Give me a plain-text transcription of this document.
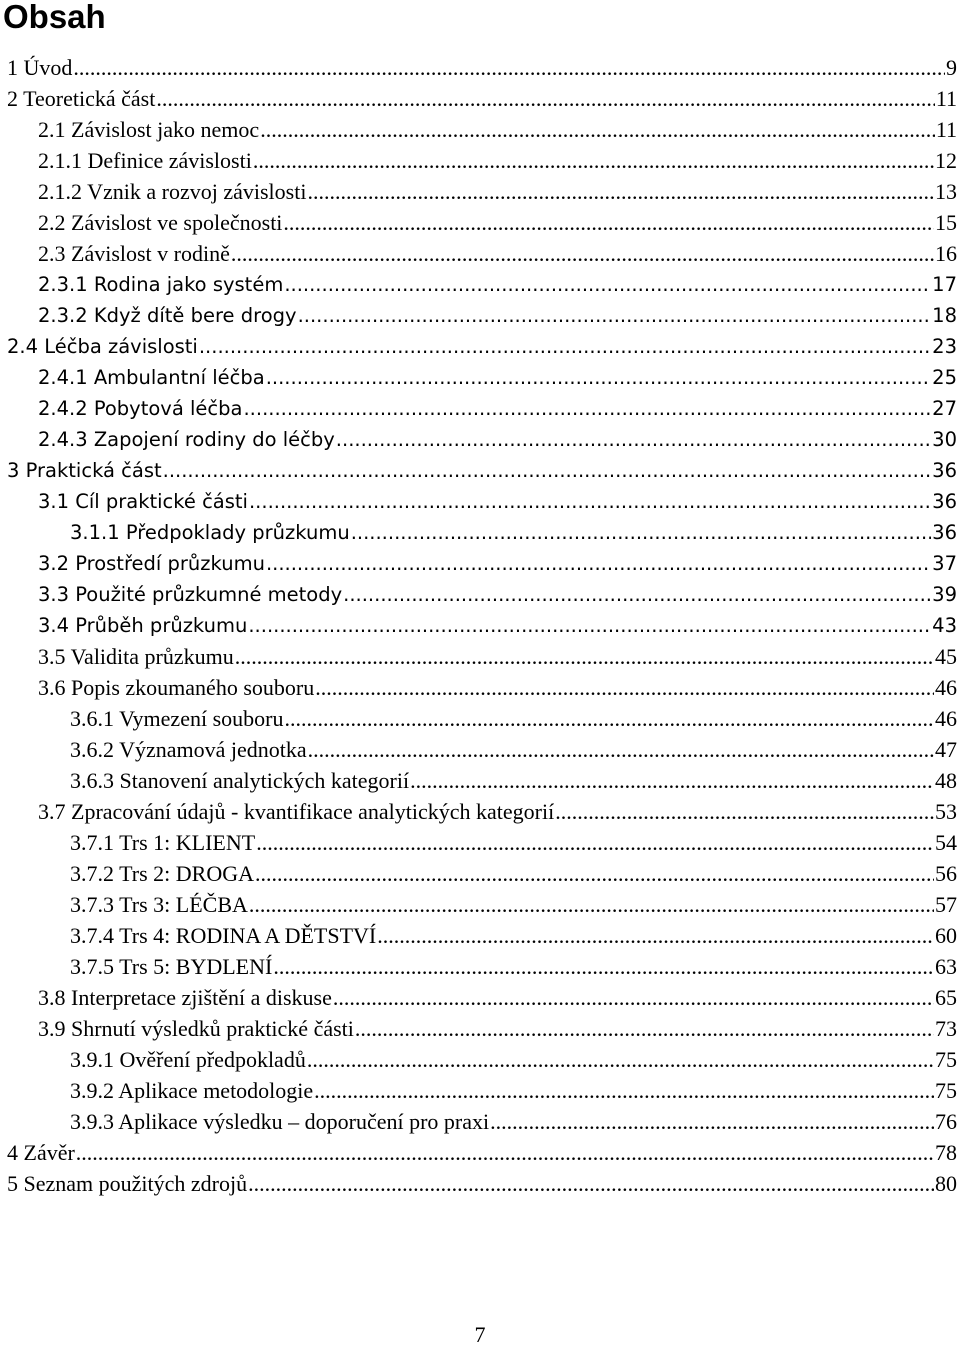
Obsah
1 Úvod .....	9
2 Teoretická část .....	11
2.1 Závislost jako nemoc .....	11
2.1.1 Definice závislosti .....	12
2.1.2 Vznik a rozvoj závislosti .....	13
2.2 Závislost ve společnosti .....	15
2.3 Závislost v rodině .....	16
2.3.1 Rodina jako systém .....	17
2.3.2 Když dítě bere drogy .....	18
2.4 Léčba závislosti .....	23
2.4.1 Ambulantní léčba .....	25
2.4.2 Pobytová léčba .....	27
2.4.3 Zapojení rodiny do léčby .....	30
3 Praktická část .....	36
3.1 Cíl praktické části .....	36
3.1.1 Předpoklady průzkumu .....	36
3.2 Prostředí průzkumu .....	37
3.3 Použité průzkumné metody .....	39
3.4 Průběh průzkumu .....	43
3.5 Validita průzkumu .....	45
3.6 Popis zkoumaného souboru .....	46
3.6.1 Vymezení souboru .....	46
3.6.2 Významová jednotka .....	47
3.6.3 Stanovení analytických kategorií .....	48
3.7 Zpracování údajů - kvantifikace analytických kategorií .....	53
3.7.1 Trs 1: KLIENT .....	54
3.7.2 Trs 2: DROGA .....	56
3.7.3 Trs 3: LÉČBA .....	57
3.7.4 Trs 4: RODINA A DĚTSTVÍ .....	60
3.7.5 Trs 5: BYDLENÍ .....	63
3.8 Interpretace zjištění a diskuse .....	65
3.9 Shrnutí výsledků praktické části .....	73
3.9.1 Ověření předpokladů .....	75
3.9.2 Aplikace metodologie .....	75
3.9.3 Aplikace výsledku – doporučení pro praxi .....	76
4 Závěr .....	78
5 Seznam použitých zdrojů .....	80

7
